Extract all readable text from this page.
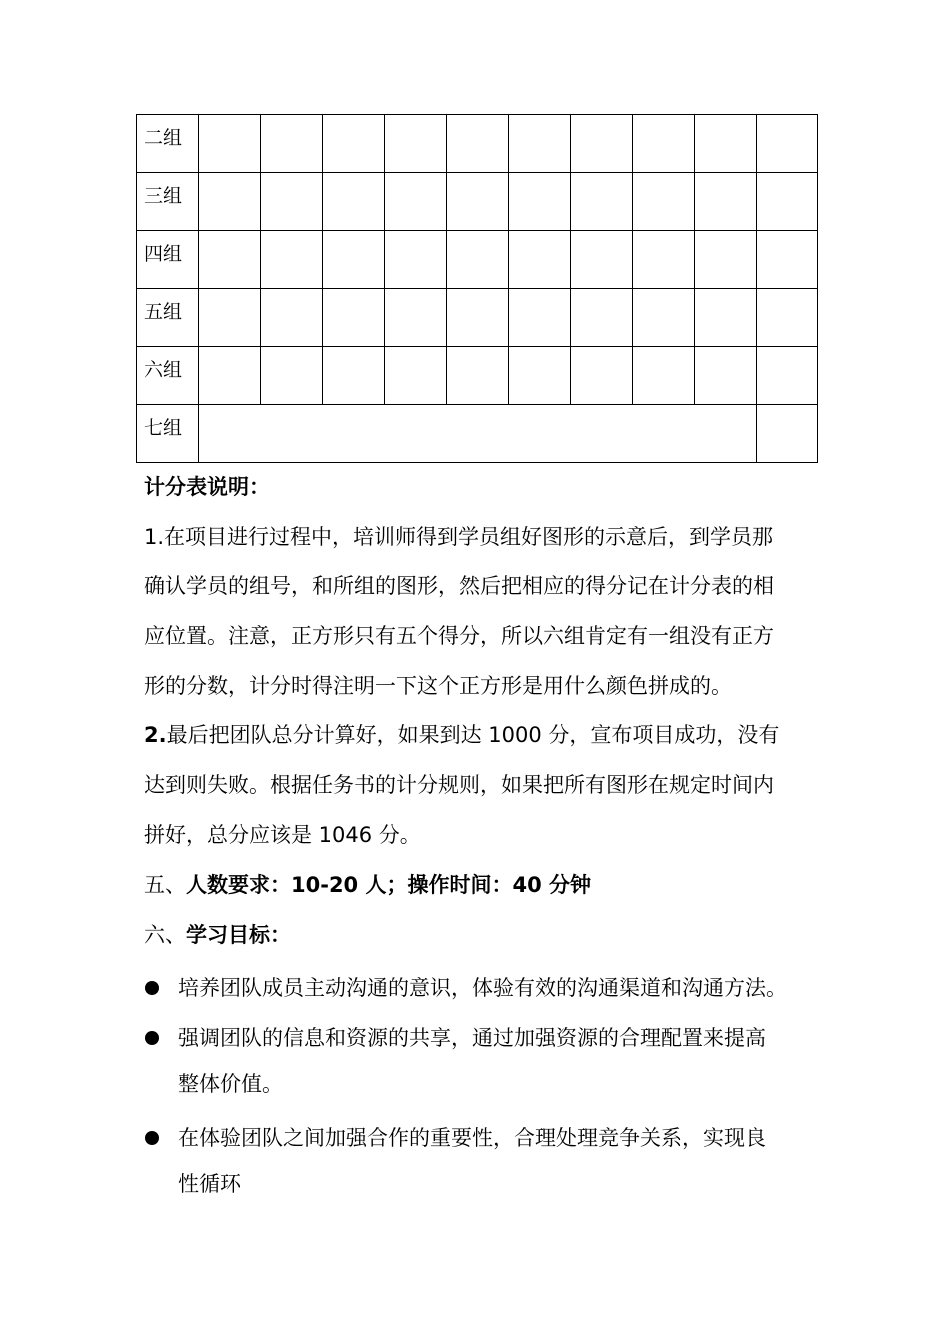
二组										
三组										
四组										
五组										
六组										
七组										
计分表说明：
1.在项目进行过程中，培训师得到学员组好图形的示意后，到学员那
确认学员的组号，和所组的图形，然后把相应的得分记在计分表的相
应位置。注意，正方形只有五个得分，所以六组肯定有一组没有正方
形的分数，计分时得注明一下这个正方形是用什么颜色拼成的。
2.最后把团队总分计算好，如果到达 1000 分，宣布项目成功，没有
达到则失败。根据任务书的计分规则，如果把所有图形在规定时间内
拼好，总分应该是 1046 分。
五、人数要求：10-20 人；操作时间：40 分钟
六、学习目标：
培养团队成员主动沟通的意识，体验有效的沟通渠道和沟通方法。
强调团队的信息和资源的共享，通过加强资源的合理配置来提高
整体价值。
在体验团队之间加强合作的重要性，合理处理竞争关系，实现良
性循环
